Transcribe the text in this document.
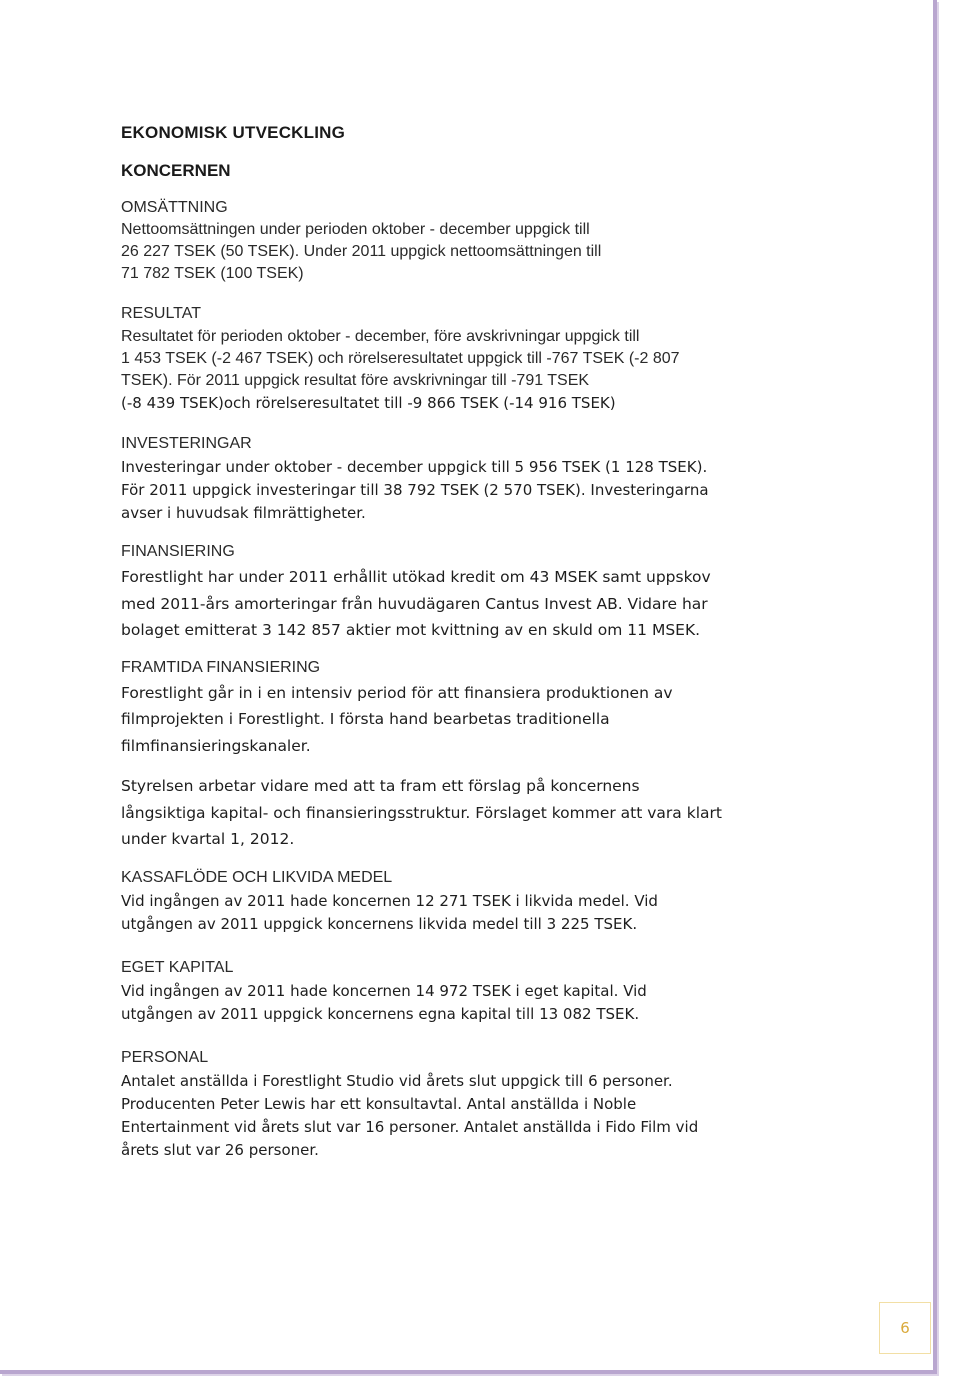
EKONOMISK UTVECKLING
KONCERNEN
OMSÄTTNING
Nettoomsättningen under perioden oktober - december uppgick till
26 227 TSEK (50 TSEK). Under 2011 uppgick nettoomsättningen till
71 782 TSEK (100 TSEK)
RESULTAT
Resultatet för perioden oktober - december, före avskrivningar uppgick till
1 453 TSEK (-2 467 TSEK) och rörelseresultatet uppgick till -767 TSEK (-2 807
TSEK). För 2011 uppgick resultat före avskrivningar till -791 TSEK
(-8 439 TSEK)och rörelseresultatet till -9 866 TSEK (-14 916 TSEK)
INVESTERINGAR
Investeringar under oktober - december uppgick till 5 956 TSEK (1 128 TSEK).
För 2011 uppgick investeringar till 38 792 TSEK (2 570 TSEK). Investeringarna
avser i huvudsak filmrättigheter.
FINANSIERING
Forestlight har under 2011 erhållit utökad kredit om 43 MSEK samt uppskov
med 2011-års amorteringar från huvudägaren Cantus Invest AB. Vidare har
bolaget emitterat 3 142 857 aktier mot kvittning av en skuld om 11 MSEK.
FRAMTIDA FINANSIERING
Forestlight går in i en intensiv period för att finansiera produktionen av
filmprojekten i Forestlight. I första hand bearbetas traditionella
filmfinansieringskanaler.
Styrelsen arbetar vidare med att ta fram ett förslag på koncernens
långsiktiga kapital- och finansieringsstruktur. Förslaget kommer att vara klart
under kvartal 1, 2012.
KASSAFLÖDE OCH LIKVIDA MEDEL
Vid ingången av 2011 hade koncernen 12 271 TSEK i likvida medel. Vid
utgången av 2011 uppgick koncernens likvida medel till 3 225 TSEK.
EGET KAPITAL
Vid ingången av 2011 hade koncernen 14 972 TSEK i eget kapital. Vid
utgången av 2011 uppgick koncernens egna kapital till 13 082 TSEK.
PERSONAL
Antalet anställda i Forestlight Studio vid årets slut uppgick till 6 personer.
Producenten Peter Lewis har ett konsultavtal. Antal anställda i Noble
Entertainment vid årets slut var 16 personer. Antalet anställda i Fido Film vid
årets slut var 26 personer.
6
